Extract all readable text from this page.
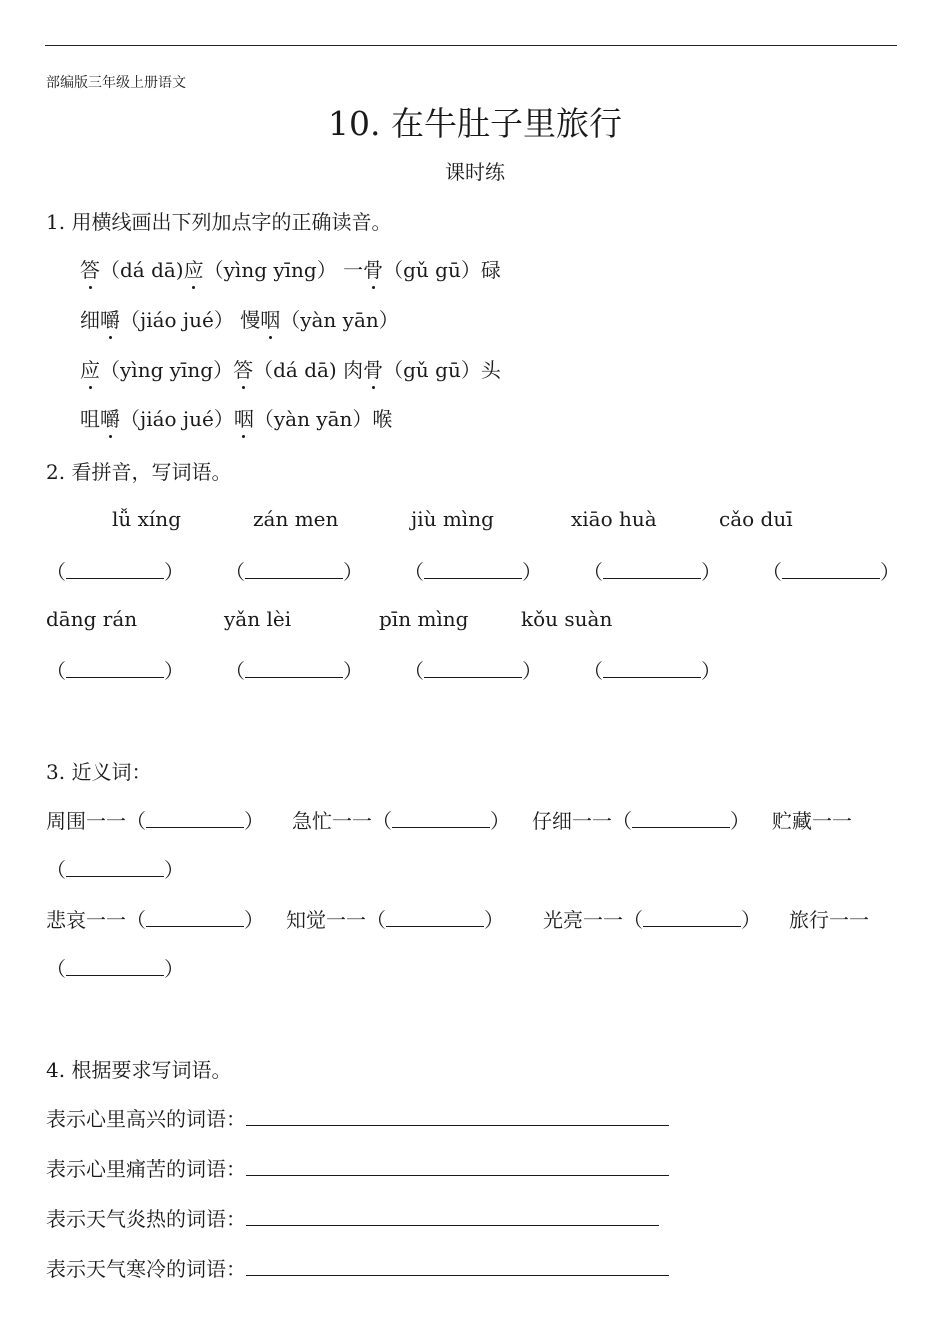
部编版三年级上册语文
10. 在牛肚子里旅行
课时练
1. 用横线画出下列加点字的正确读音。
答（dá dā)应（yìng yīng） 一骨（gǔ gū）碌
细嚼（jiáo jué） 慢咽（yàn yān）
应（yìng yīng）答（dá dā) 肉骨（gǔ gū）头
咀嚼（jiáo jué）咽（yàn yān）喉
2. 看拼音，写词语。
lǚ xíng	zán men	jiù mìng	xiāo huà	cǎo duī
（	） （	） （	） （	） （	）
dāng rán	yǎn lèi	pīn mìng	kǒu suàn
（	） （	） （	） （	）
3. 近义词：
周围一一（	） 急忙一一（	） 仔细一一（	） 贮藏一一
（	）
悲哀一一（	） 知觉一一（	） 光亮一一（	） 旅行一一
（	）
4. 根据要求写词语。
表示心里高兴的词语：
表示心里痛苦的词语：
表示天气炎热的词语：
表示天气寒冷的词语：
